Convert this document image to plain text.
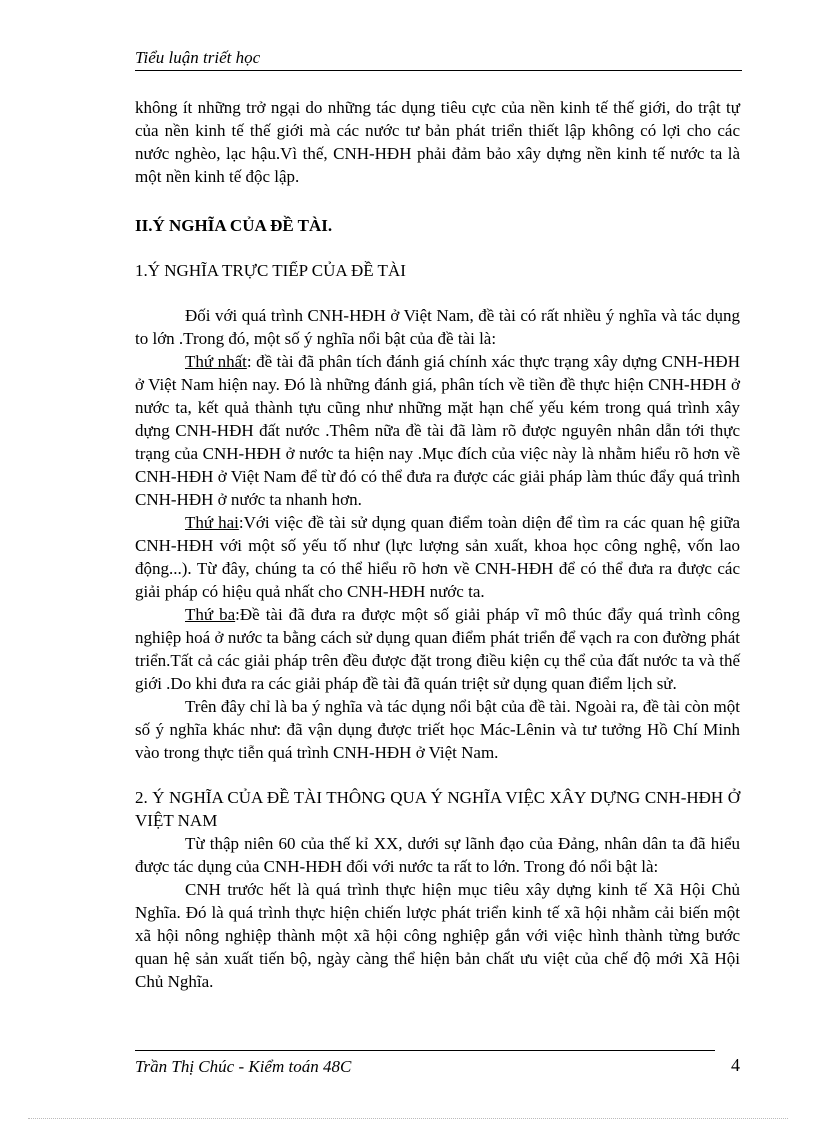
Tiểu luận triết học

không ít những trở ngại do những tác dụng tiêu cực của nền kinh tế thế giới, do trật tự của nền kinh tế thế giới mà các nước tư bản phát triển thiết lập không có lợi cho các nước nghèo, lạc hậu.Vì thế, CNH-HĐH phải đảm bảo xây dựng nền kinh tế nước ta là một nền kinh tế độc lập.

II.Ý NGHĨA CỦA ĐỀ TÀI.

1.Ý NGHĨA TRỰC TIẾP CỦA ĐỀ TÀI

Đối với quá trình CNH-HĐH ở Việt Nam, đề tài có rất nhiều ý nghĩa và tác dụng to lớn .Trong đó, một số ý nghĩa nổi bật của đề tài là:

Thứ nhất: đề tài đã phân tích đánh giá chính xác thực trạng xây dựng CNH-HĐH ở Việt Nam hiện nay. Đó là những đánh giá, phân tích về tiền đề thực hiện CNH-HĐH ở nước ta, kết quả thành tựu cũng như những mặt hạn chế yếu kém trong quá trình xây dựng CNH-HĐH đất nước .Thêm nữa đề tài đã làm rõ được nguyên nhân dẫn tới thực trạng của CNH-HĐH ở nước ta hiện nay .Mục đích của việc này là nhằm hiểu rõ hơn về CNH-HĐH ở Việt Nam để từ đó có thể đưa ra được các giải pháp làm thúc đẩy quá trình CNH-HĐH ở nước ta nhanh hơn.

Thứ hai:Với việc đề tài sử dụng quan điểm toàn diện để tìm ra các quan hệ giữa CNH-HĐH với một số yếu tố như (lực lượng sản xuất, khoa học công nghệ, vốn lao động...). Từ đây, chúng ta có thể hiểu rõ hơn về CNH-HĐH để có thể đưa ra được các giải pháp có hiệu quả nhất cho CNH-HĐH nước ta.

Thứ ba:Đề tài đã đưa ra được một số giải pháp vĩ mô thúc đẩy quá trình công nghiệp hoá ở nước ta bằng cách sử dụng quan điểm phát triển để vạch ra con đường phát triển.Tất cả các giải pháp trên đều được đặt trong điều kiện cụ thể của đất nước ta và thế giới .Do khi đưa ra các giải pháp đề tài đã quán triệt sử dụng quan điểm lịch sử.

Trên đây chỉ là ba ý nghĩa và tác dụng nổi bật của đề tài. Ngoài ra, đề tài còn một số ý nghĩa khác như: đã vận dụng được triết học Mác-Lênin và tư tưởng Hồ Chí Minh vào trong thực tiễn quá trình CNH-HĐH ở Việt Nam.

2. Ý NGHĨA CỦA ĐỀ TÀI THÔNG QUA Ý NGHĨA VIỆC XÂY DỰNG CNH-HĐH Ở VIỆT NAM

Từ thập niên 60 của thế kỉ XX, dưới sự lãnh đạo của Đảng, nhân dân ta đã hiểu được tác dụng của CNH-HĐH đối với nước ta rất to lớn. Trong đó nổi bật là:

CNH trước hết là quá trình thực hiện mục tiêu xây dựng kinh tế Xã Hội Chủ Nghĩa. Đó là quá trình thực hiện chiến lược phát triển kinh tế xã hội nhằm cải biến một xã hội nông nghiệp thành một xã hội công nghiệp gắn với việc hình thành từng bước quan hệ sản xuất tiến bộ, ngày càng thể hiện bản chất ưu việt của chế độ mới Xã Hội Chủ Nghĩa.

Trần Thị Chúc - Kiểm toán 48C	4
